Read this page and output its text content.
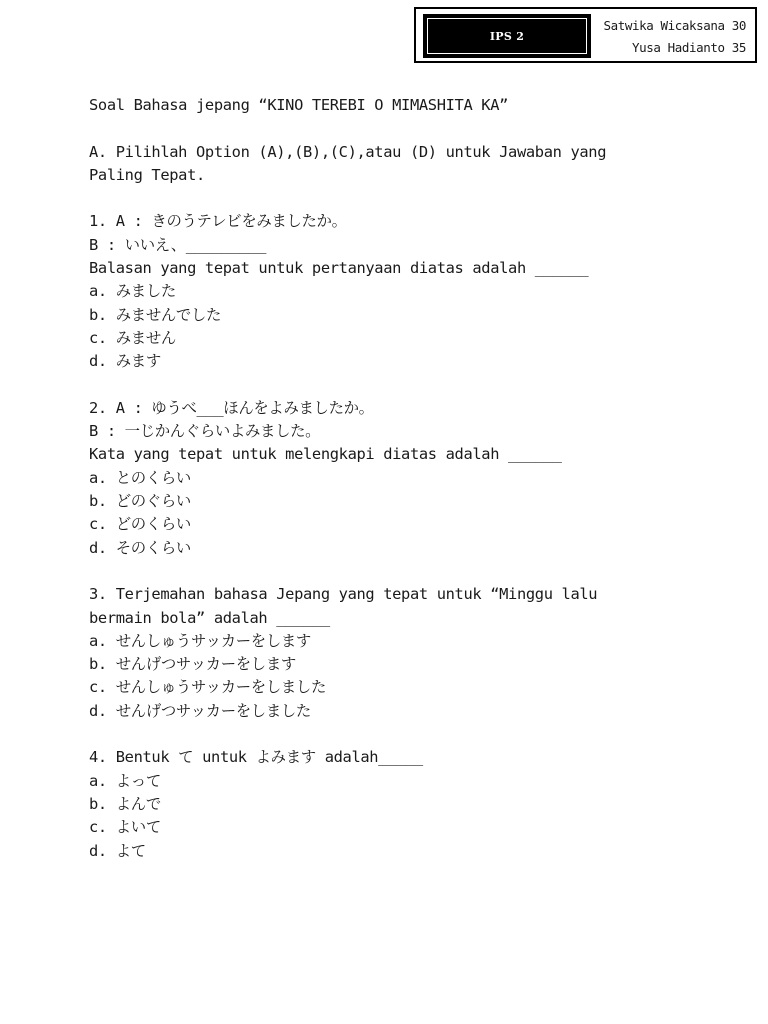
IPS 2
Satwika Wicaksana 30
Yusa Hadianto 35
Soal Bahasa jepang “KINO TEREBI O MIMASHITA KA”
A. Pilihlah Option (A),(B),(C),atau (D) untuk Jawaban yang
Paling Tepat.
1. A : きのうテレビをみましたか。
B : いいえ、_________
Balasan yang tepat untuk pertanyaan diatas adalah ______
a. みました
b. みませんでした
c. みません
d. みます
2. A : ゆうべ___ほんをよみましたか。
B : 一じかんぐらいよみました。
Kata yang tepat untuk melengkapi diatas adalah ______
a. とのくらい
b. どのぐらい
c. どのくらい
d. そのくらい
3. Terjemahan bahasa Jepang yang tepat untuk “Minggu lalu
bermain bola” adalah ______
a. せんしゅうサッカーをします
b. せんげつサッカーをします
c. せんしゅうサッカーをしました
d. せんげつサッカーをしました
4. Bentuk て untuk よみます adalah_____
a. よって
b. よんで
c. よいて
d. よて
